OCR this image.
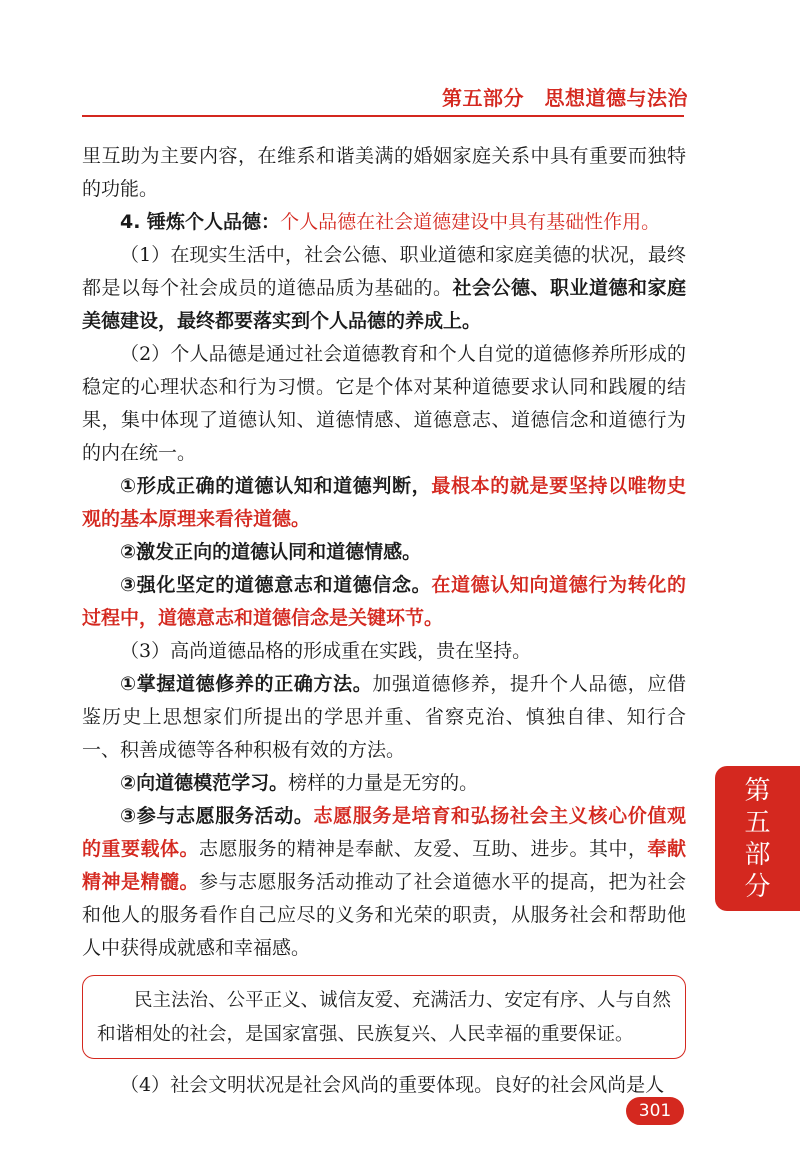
第五部分　思想道德与法治

里互助为主要内容，在维系和谐美满的婚姻家庭关系中具有重要而独特的功能。

4. 锤炼个人品德：个人品德在社会道德建设中具有基础性作用。

（1）在现实生活中，社会公德、职业道德和家庭美德的状况，最终都是以每个社会成员的道德品质为基础的。社会公德、职业道德和家庭美德建设，最终都要落实到个人品德的养成上。

（2）个人品德是通过社会道德教育和个人自觉的道德修养所形成的稳定的心理状态和行为习惯。它是个体对某种道德要求认同和践履的结果，集中体现了道德认知、道德情感、道德意志、道德信念和道德行为的内在统一。

①形成正确的道德认知和道德判断，最根本的就是要坚持以唯物史观的基本原理来看待道德。

②激发正向的道德认同和道德情感。

③强化坚定的道德意志和道德信念。在道德认知向道德行为转化的过程中，道德意志和道德信念是关键环节。

（3）高尚道德品格的形成重在实践，贵在坚持。

①掌握道德修养的正确方法。加强道德修养，提升个人品德，应借鉴历史上思想家们所提出的学思并重、省察克治、慎独自律、知行合一、积善成德等各种积极有效的方法。

②向道德模范学习。榜样的力量是无穷的。

③参与志愿服务活动。志愿服务是培育和弘扬社会主义核心价值观的重要载体。志愿服务的精神是奉献、友爱、互助、进步。其中，奉献精神是精髓。参与志愿服务活动推动了社会道德水平的提高，把为社会和他人的服务看作自己应尽的义务和光荣的职责，从服务社会和帮助他人中获得成就感和幸福感。

民主法治、公平正义、诚信友爱、充满活力、安定有序、人与自然和谐相处的社会，是国家富强、民族复兴、人民幸福的重要保证。

（4）社会文明状况是社会风尚的重要体现。良好的社会风尚是人

第五部分
301
